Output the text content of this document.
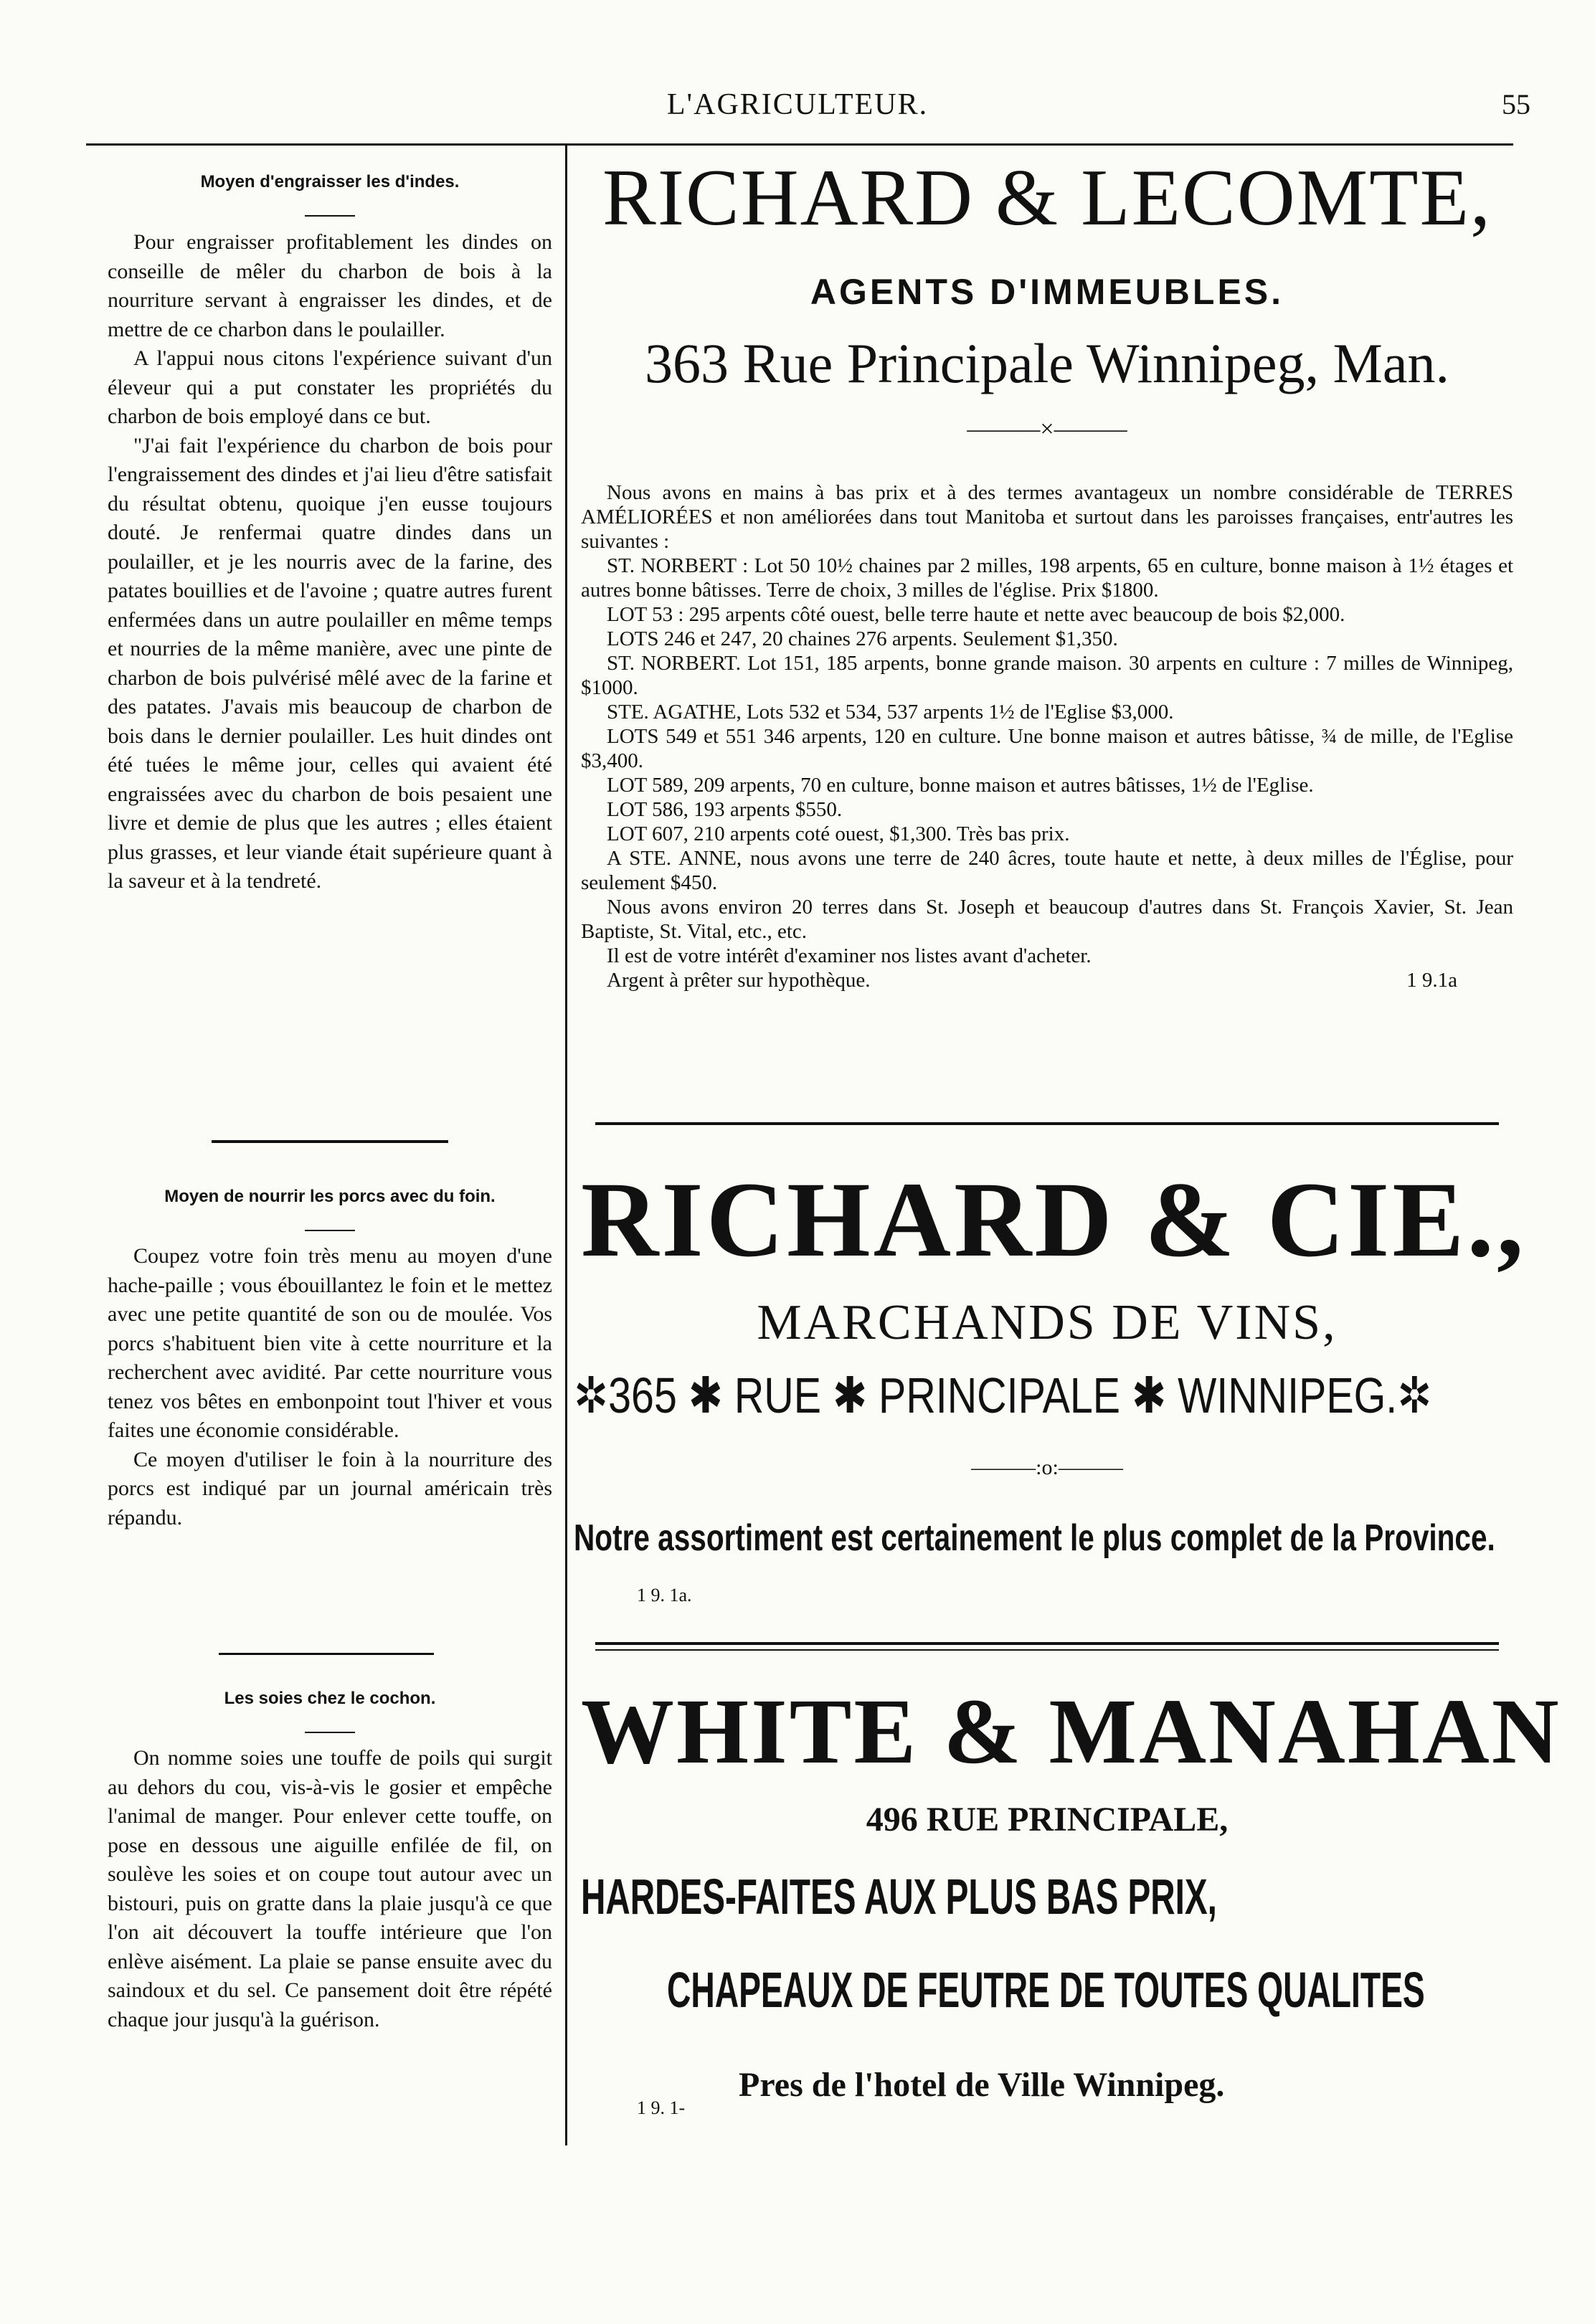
L'AGRICULTEUR.	55
Moyen d'engraisser les d'indes.

Pour engraisser profitablement les dindes on conseille de mêler du charbon de bois à la nourriture servant à engraisser les dindes, et de mettre de ce charbon dans le poulailler.

A l'appui nous citons l'expérience suivant d'un éleveur qui a put constater les propriétés du charbon de bois employé dans ce but.

"J'ai fait l'expérience du charbon de bois pour l'engraissement des dindes et j'ai lieu d'être satisfait du résultat obtenu, quoique j'en eusse toujours douté. Je renfermai quatre dindes dans un poulailler, et je les nourris avec de la farine, des patates bouillies et de l'avoine ; quatre autres furent enfermées dans un autre poulailler en même temps et nourries de la même manière, avec une pinte de charbon de bois pulvérisé mêlé avec de la farine et des patates. J'avais mis beaucoup de charbon de bois dans le dernier poulailler. Les huit dindes ont été tuées le même jour, celles qui avaient été engraissées avec du charbon de bois pesaient une livre et demie de plus que les autres ; elles étaient plus grasses, et leur viande était supérieure quant à la saveur et à la tendreté.

Moyen de nourrir les porcs avec du foin.

Coupez votre foin très menu au moyen d'une hache-paille ; vous ébouillantez le foin et le mettez avec une petite quantité de son ou de moulée. Vos porcs s'habituent bien vite à cette nourriture et la recherchent avec avidité. Par cette nourriture vous tenez vos bêtes en embonpoint tout l'hiver et vous faites une économie considérable.

Ce moyen d'utiliser le foin à la nourriture des porcs est indiqué par un journal américain très répandu.

Les soies chez le cochon.

On nomme soies une touffe de poils qui surgit au dehors du cou, vis-à-vis le gosier et empêche l'animal de manger. Pour enlever cette touffe, on pose en dessous une aiguille enfilée de fil, on soulève les soies et on coupe tout autour avec un bistouri, puis on gratte dans la plaie jusqu'à ce que l'on ait découvert la touffe intérieure que l'on enlève aisément. La plaie se panse ensuite avec du saindoux et du sel. Ce pansement doit être répété chaque jour jusqu'à la guérison.

RICHARD & LECOMTE,
AGENTS D'IMMEUBLES.
363 Rue Principale Winnipeg, Man.
———×———

Nous avons en mains à bas prix et à des termes avantageux un nombre considérable de TERRES AMÉLIORÉES et non améliorées dans tout Manitoba et surtout dans les paroisses françaises, entr'autres les suivantes :

ST. NORBERT : Lot 50 10½ chaines par 2 milles, 198 arpents, 65 en culture, bonne maison à 1½ étages et autres bonne bâtisses. Terre de choix, 3 milles de l'église. Prix $1800.

LOT 53 : 295 arpents côté ouest, belle terre haute et nette avec beaucoup de bois $2,000.

LOTS 246 et 247, 20 chaines 276 arpents. Seulement $1,350.

ST. NORBERT. Lot 151, 185 arpents, bonne grande maison. 30 arpents en culture : 7 milles de Winnipeg, $1000.

STE. AGATHE, Lots 532 et 534, 537 arpents 1½ de l'Eglise $3,000.

LOTS 549 et 551 346 arpents, 120 en culture. Une bonne maison et autres bâtisse, ¾ de mille, de l'Eglise $3,400.

LOT 589, 209 arpents, 70 en culture, bonne maison et autres bâtisses, 1½ de l'Eglise.

LOT 586, 193 arpents $550.

LOT 607, 210 arpents coté ouest, $1,300. Très bas prix.

A STE. ANNE, nous avons une terre de 240 âcres, toute haute et nette, à deux milles de l'Église, pour seulement $450.

Nous avons environ 20 terres dans St. Joseph et beaucoup d'autres dans St. François Xavier, St. Jean Baptiste, St. Vital, etc., etc.

Il est de votre intérêt d'examiner nos listes avant d'acheter.

Argent à prêter sur hypothèque.	1 9.1a

RICHARD & CIE.,
MARCHANDS DE VINS,
✲365 ✱ RUE ✱ PRINCIPALE ✱ WINNIPEG.✲
———:o:———
Notre assortiment est certainement le plus complet de la Province.
1 9. 1a.
WHITE & MANAHAN
496 RUE PRINCIPALE,
HARDES-FAITES AUX PLUS BAS PRIX,
CHAPEAUX DE FEUTRE DE TOUTES QUALITES
1 9. 1-
Pres de l'hotel de Ville Winnipeg.
